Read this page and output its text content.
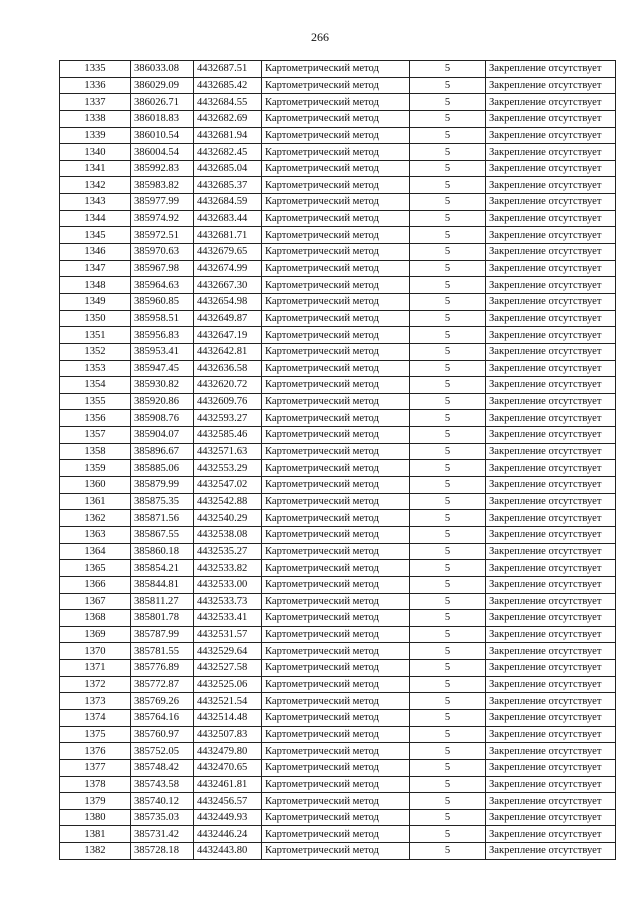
266
1335	386033.08	4432687.51	Картометрический метод	5	Закрепление отсутствует
1336	386029.09	4432685.42	Картометрический метод	5	Закрепление отсутствует
1337	386026.71	4432684.55	Картометрический метод	5	Закрепление отсутствует
1338	386018.83	4432682.69	Картометрический метод	5	Закрепление отсутствует
1339	386010.54	4432681.94	Картометрический метод	5	Закрепление отсутствует
1340	386004.54	4432682.45	Картометрический метод	5	Закрепление отсутствует
1341	385992.83	4432685.04	Картометрический метод	5	Закрепление отсутствует
1342	385983.82	4432685.37	Картометрический метод	5	Закрепление отсутствует
1343	385977.99	4432684.59	Картометрический метод	5	Закрепление отсутствует
1344	385974.92	4432683.44	Картометрический метод	5	Закрепление отсутствует
1345	385972.51	4432681.71	Картометрический метод	5	Закрепление отсутствует
1346	385970.63	4432679.65	Картометрический метод	5	Закрепление отсутствует
1347	385967.98	4432674.99	Картометрический метод	5	Закрепление отсутствует
1348	385964.63	4432667.30	Картометрический метод	5	Закрепление отсутствует
1349	385960.85	4432654.98	Картометрический метод	5	Закрепление отсутствует
1350	385958.51	4432649.87	Картометрический метод	5	Закрепление отсутствует
1351	385956.83	4432647.19	Картометрический метод	5	Закрепление отсутствует
1352	385953.41	4432642.81	Картометрический метод	5	Закрепление отсутствует
1353	385947.45	4432636.58	Картометрический метод	5	Закрепление отсутствует
1354	385930.82	4432620.72	Картометрический метод	5	Закрепление отсутствует
1355	385920.86	4432609.76	Картометрический метод	5	Закрепление отсутствует
1356	385908.76	4432593.27	Картометрический метод	5	Закрепление отсутствует
1357	385904.07	4432585.46	Картометрический метод	5	Закрепление отсутствует
1358	385896.67	4432571.63	Картометрический метод	5	Закрепление отсутствует
1359	385885.06	4432553.29	Картометрический метод	5	Закрепление отсутствует
1360	385879.99	4432547.02	Картометрический метод	5	Закрепление отсутствует
1361	385875.35	4432542.88	Картометрический метод	5	Закрепление отсутствует
1362	385871.56	4432540.29	Картометрический метод	5	Закрепление отсутствует
1363	385867.55	4432538.08	Картометрический метод	5	Закрепление отсутствует
1364	385860.18	4432535.27	Картометрический метод	5	Закрепление отсутствует
1365	385854.21	4432533.82	Картометрический метод	5	Закрепление отсутствует
1366	385844.81	4432533.00	Картометрический метод	5	Закрепление отсутствует
1367	385811.27	4432533.73	Картометрический метод	5	Закрепление отсутствует
1368	385801.78	4432533.41	Картометрический метод	5	Закрепление отсутствует
1369	385787.99	4432531.57	Картометрический метод	5	Закрепление отсутствует
1370	385781.55	4432529.64	Картометрический метод	5	Закрепление отсутствует
1371	385776.89	4432527.58	Картометрический метод	5	Закрепление отсутствует
1372	385772.87	4432525.06	Картометрический метод	5	Закрепление отсутствует
1373	385769.26	4432521.54	Картометрический метод	5	Закрепление отсутствует
1374	385764.16	4432514.48	Картометрический метод	5	Закрепление отсутствует
1375	385760.97	4432507.83	Картометрический метод	5	Закрепление отсутствует
1376	385752.05	4432479.80	Картометрический метод	5	Закрепление отсутствует
1377	385748.42	4432470.65	Картометрический метод	5	Закрепление отсутствует
1378	385743.58	4432461.81	Картометрический метод	5	Закрепление отсутствует
1379	385740.12	4432456.57	Картометрический метод	5	Закрепление отсутствует
1380	385735.03	4432449.93	Картометрический метод	5	Закрепление отсутствует
1381	385731.42	4432446.24	Картометрический метод	5	Закрепление отсутствует
1382	385728.18	4432443.80	Картометрический метод	5	Закрепление отсутствует
